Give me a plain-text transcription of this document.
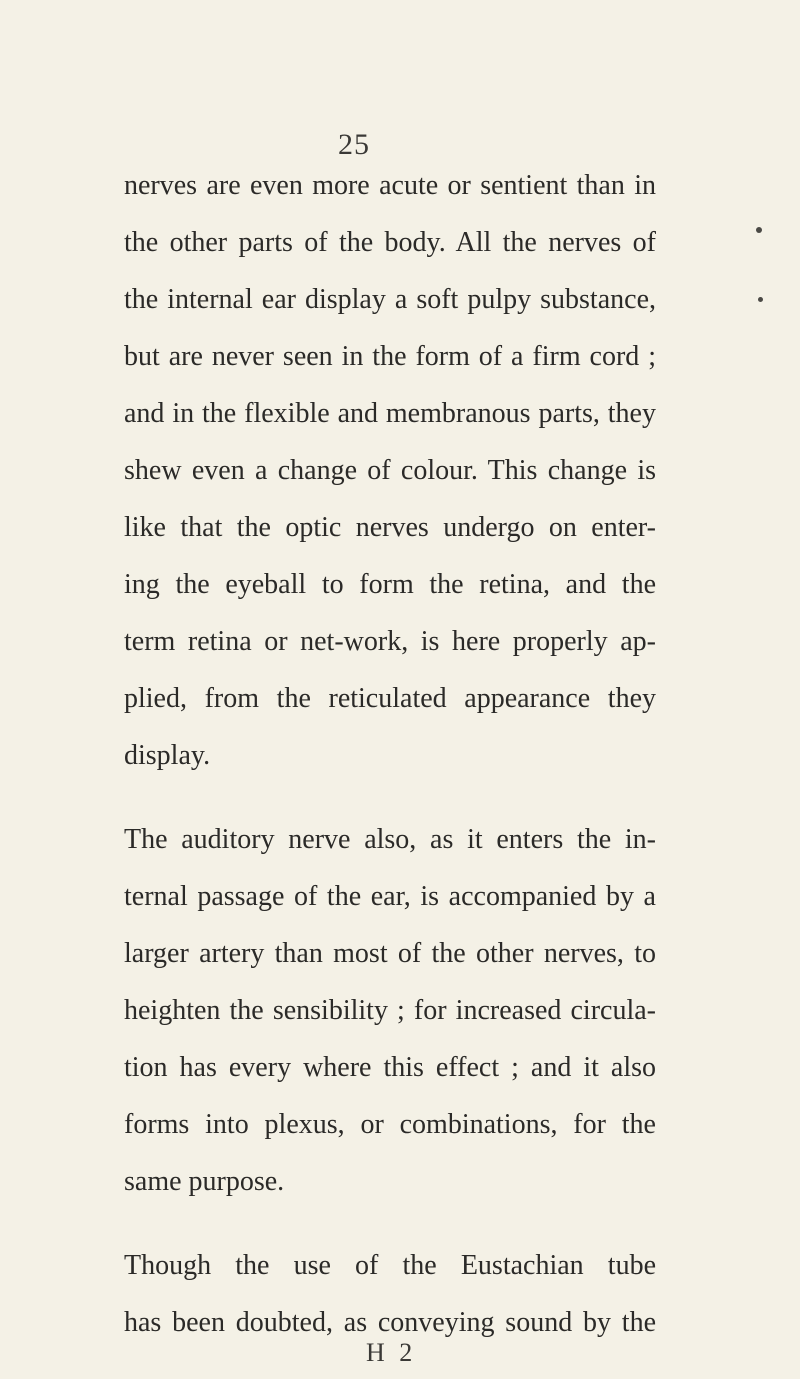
25
nerves are even more acute or sentient than in
the other parts of the body. All the nerves of
the internal ear display a soft pulpy substance,
but are never seen in the form of a firm cord ;
and in the flexible and membranous parts, they
shew even a change of colour. This change is
like that the optic nerves undergo on enter-
ing the eyeball to form the retina, and the
term retina or net-work, is here properly ap-
plied, from the reticulated appearance they
display.
The auditory nerve also, as it enters the in-
ternal passage of the ear, is accompanied by a
larger artery than most of the other nerves, to
heighten the sensibility ; for increased circula-
tion has every where this effect ; and it also
forms into plexus, or combinations, for the
same purpose.
Though the use of the Eustachian tube
has been doubted, as conveying sound by the
H 2
